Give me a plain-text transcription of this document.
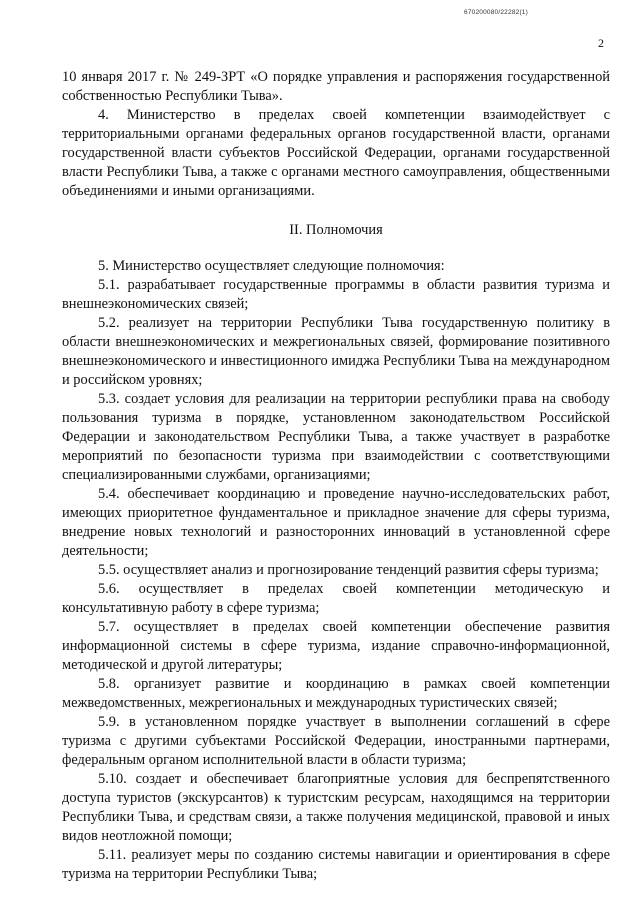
670200080/22282(1)
2

10 января 2017 г. № 249-ЗРТ «О порядке управления и распоряжения государственной собственностью Республики Тыва».

4. Министерство в пределах своей компетенции взаимодействует с территориальными органами федеральных органов государственной власти, органами государственной власти субъектов Российской Федерации, органами государственной власти Республики Тыва, а также с органами местного самоуправления, общественными объединениями и иными организациями.

II. Полномочия

5. Министерство осуществляет следующие полномочия:

5.1. разрабатывает государственные программы в области развития туризма и внешнеэкономических связей;

5.2. реализует на территории Республики Тыва государственную политику в области внешнеэкономических и межрегиональных связей, формирование позитивного внешнеэкономического и инвестиционного имиджа Республики Тыва на международном и российском уровнях;

5.3. создает условия для реализации на территории республики права на свободу пользования туризма в порядке, установленном законодательством Российской Федерации и законодательством Республики Тыва, а также участвует в разработке мероприятий по безопасности туризма при взаимодействии с соответствующими специализированными службами, организациями;

5.4. обеспечивает координацию и проведение научно-исследовательских работ, имеющих приоритетное фундаментальное и прикладное значение для сферы туризма, внедрение новых технологий и разносторонних инноваций в установленной сфере деятельности;

5.5. осуществляет анализ и прогнозирование тенденций развития сферы туризма;

5.6. осуществляет в пределах своей компетенции методическую и консультативную работу в сфере туризма;

5.7. осуществляет в пределах своей компетенции обеспечение развития информационной системы в сфере туризма, издание справочно-информационной, методической и другой литературы;

5.8. организует развитие и координацию в рамках своей компетенции межведомственных, межрегиональных и международных туристических связей;

5.9. в установленном порядке участвует в выполнении соглашений в сфере туризма с другими субъектами Российской Федерации, иностранными партнерами, федеральным органом исполнительной власти в области туризма;

5.10. создает и обеспечивает благоприятные условия для беспрепятственного доступа туристов (экскурсантов) к туристским ресурсам, находящимся на территории Республики Тыва, и средствам связи, а также получения медицинской, правовой и иных видов неотложной помощи;

5.11. реализует меры по созданию системы навигации и ориентирования в сфере туризма на территории Республики Тыва;
